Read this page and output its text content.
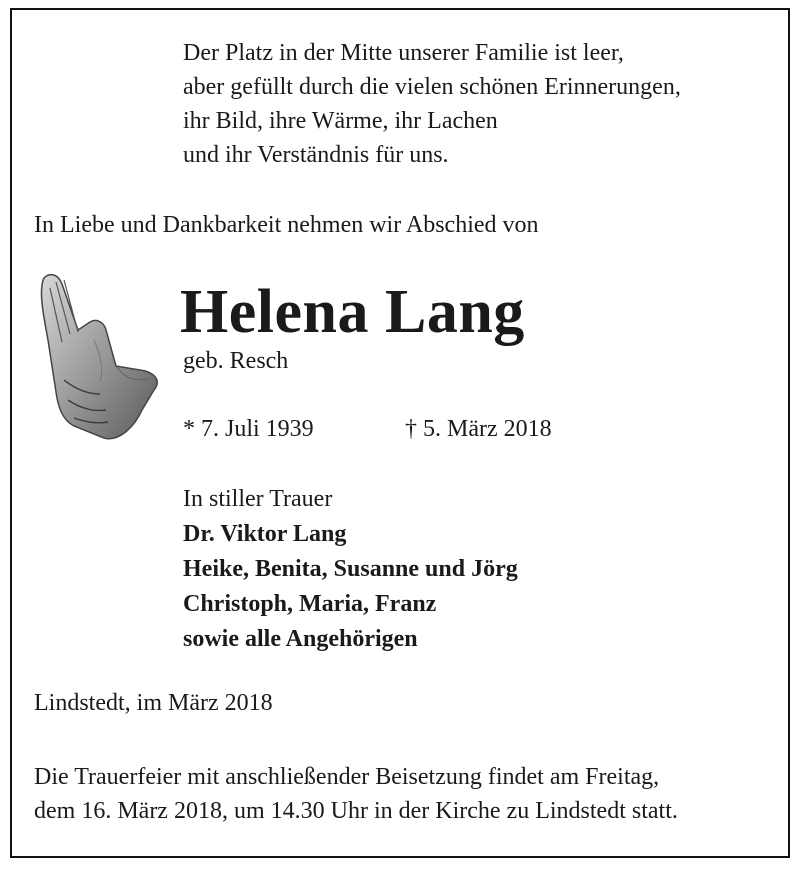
Der Platz in der Mitte unserer Familie ist leer,
aber gefüllt durch die vielen schönen Erinnerungen,
ihr Bild, ihre Wärme, ihr Lachen
und ihr Verständnis für uns.
In Liebe und Dankbarkeit nehmen wir Abschied von
Helena Lang
geb. Resch
* 7. Juli 1939	† 5. März 2018
In stiller Trauer
Dr. Viktor Lang
Heike, Benita, Susanne und Jörg
Christoph, Maria, Franz
sowie alle Angehörigen
Lindstedt, im März 2018
Die Trauerfeier mit anschließender Beisetzung findet am Freitag,
dem 16. März 2018, um 14.30 Uhr in der Kirche zu Lindstedt statt.
